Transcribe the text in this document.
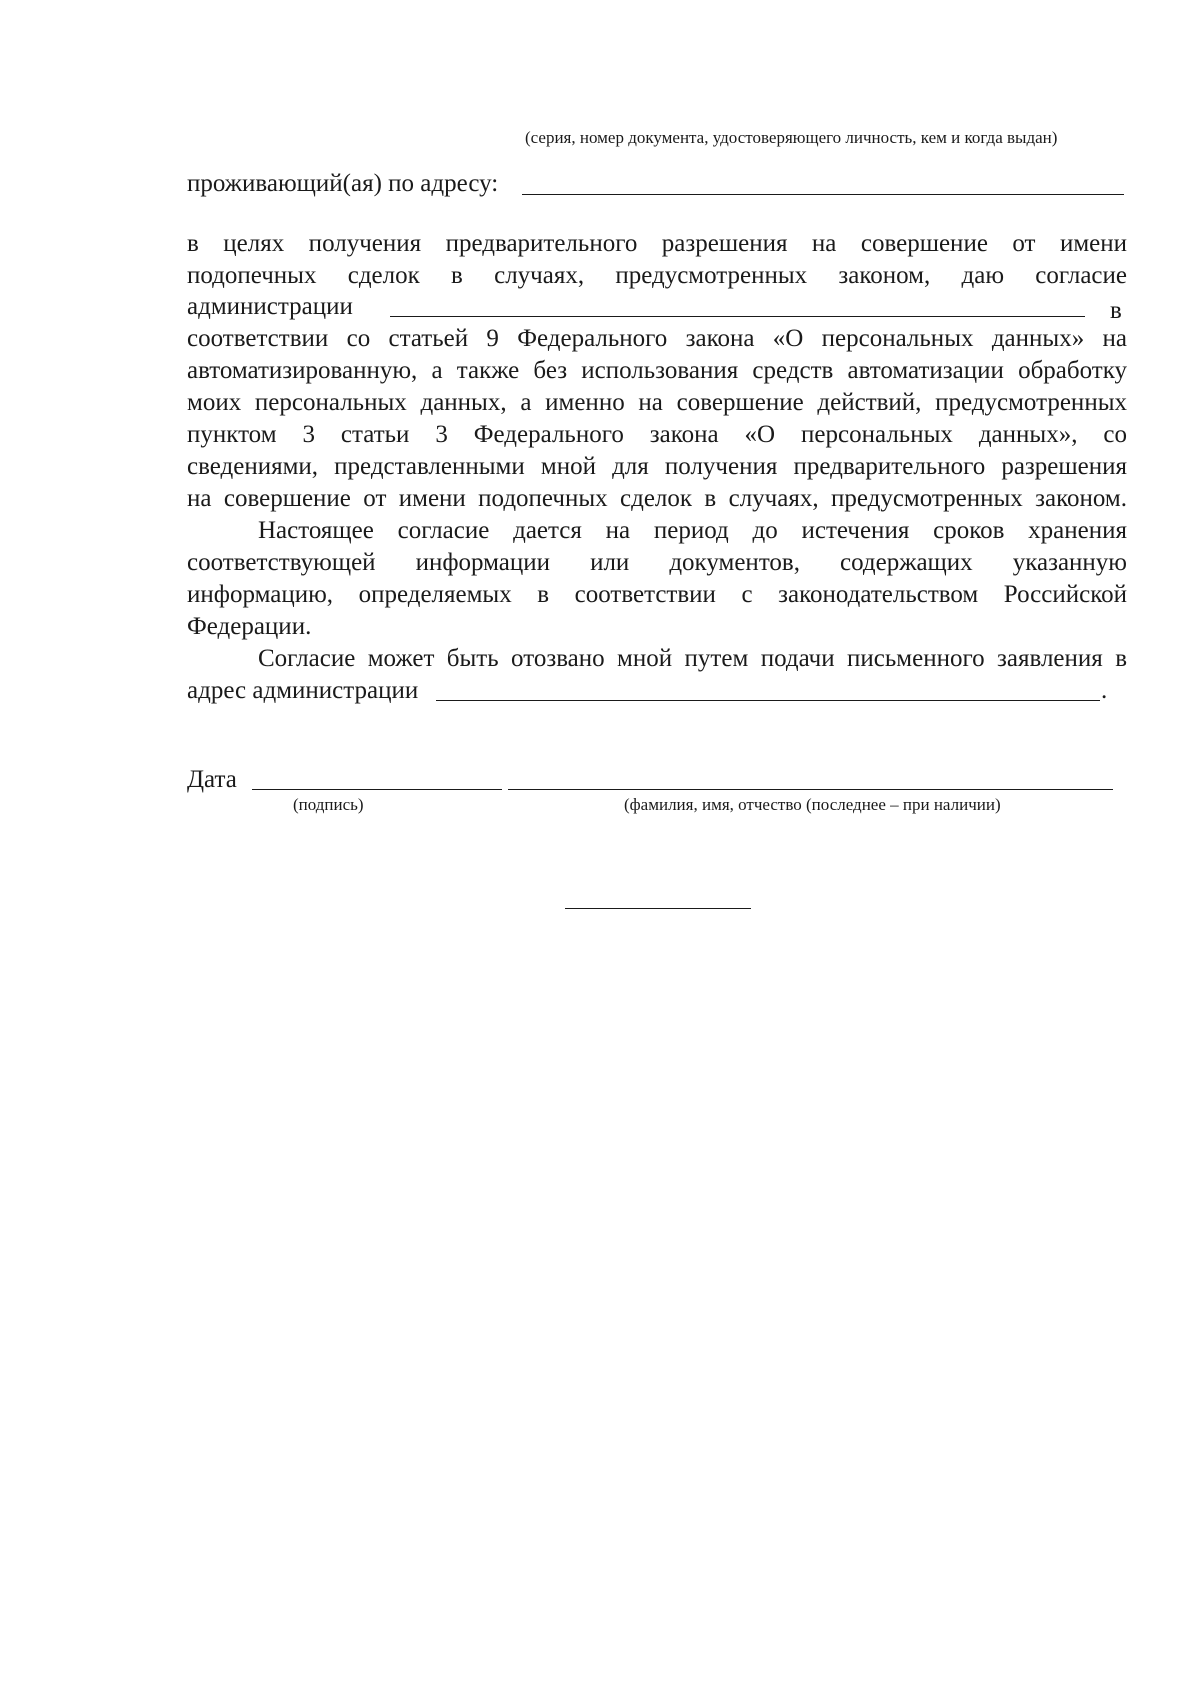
(серия, номер документа, удостоверяющего личность, кем и когда выдан)
проживающий(ая) по адресу:
в целях получения предварительного разрешения на совершение от имени
подопечных сделок в случаях, предусмотренных законом, даю согласие
администрации	в
соответствии со статьей 9 Федерального закона «О персональных данных» на
автоматизированную, а также без использования средств автоматизации обработку
моих персональных данных, а именно на совершение действий, предусмотренных
пунктом 3 статьи 3 Федерального закона «О персональных данных», со
сведениями, представленными мной для получения предварительного разрешения
на совершение от имени подопечных сделок в случаях, предусмотренных законом.
Настоящее согласие дается на период до истечения сроков хранения
соответствующей информации или документов, содержащих указанную
информацию, определяемых в соответствии с законодательством Российской
Федерации.
Согласие может быть отозвано мной путем подачи письменного заявления в
адрес администрации	.
Дата
(подпись)	(фамилия, имя, отчество (последнее – при наличии)
